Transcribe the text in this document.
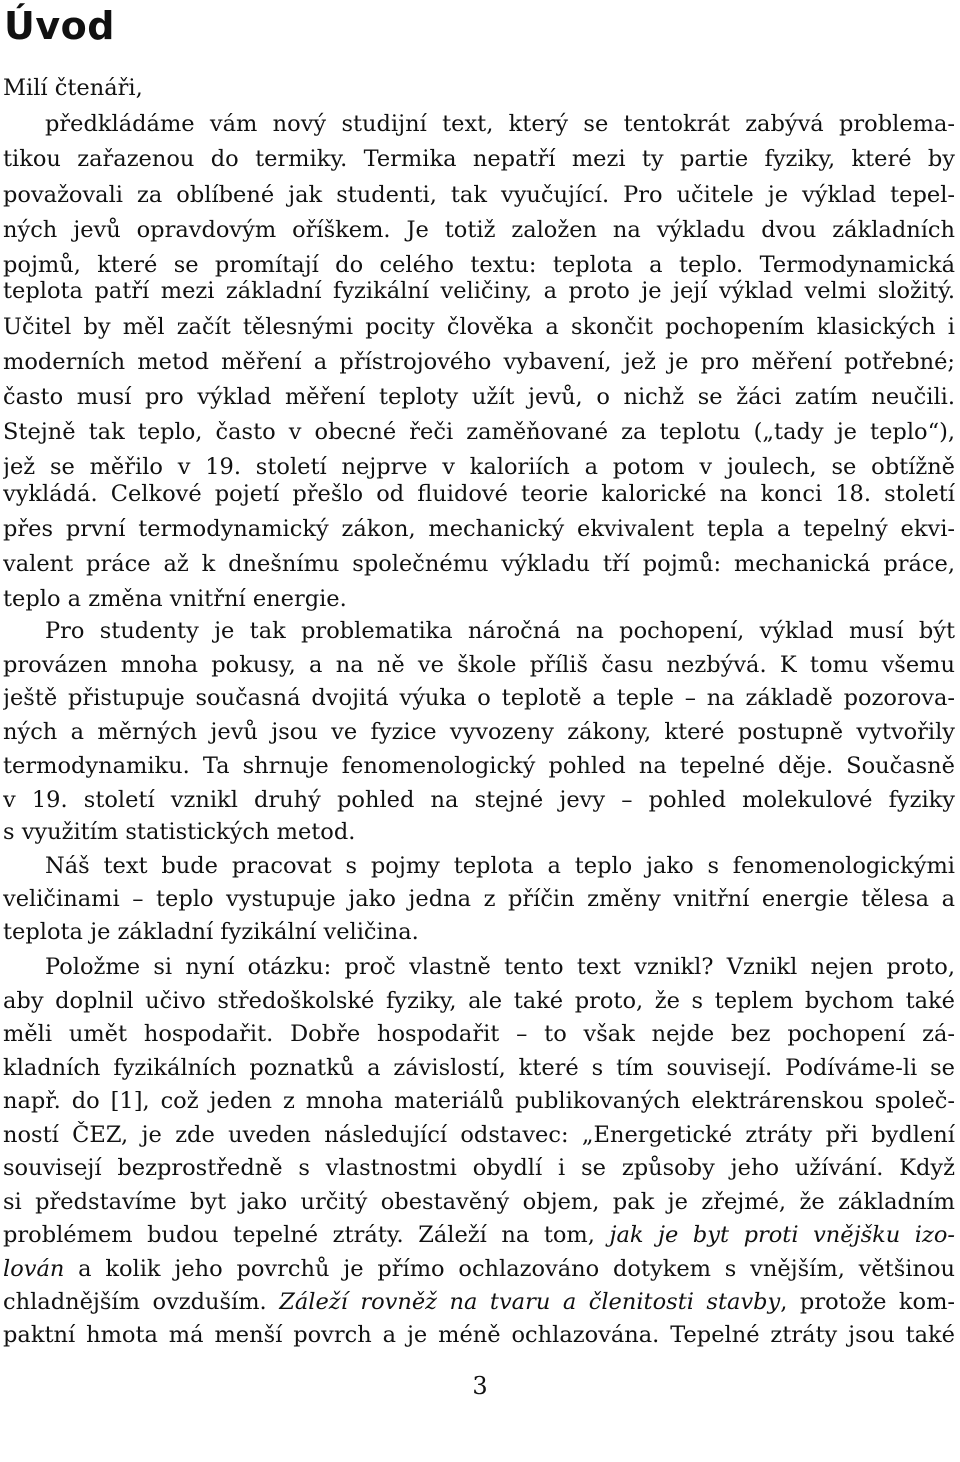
Úvod

Milí čtenáři,

předkládáme vám nový studijní text, který se tentokrát zabývá problema-

tikou zařazenou do termiky. Termika nepatří mezi ty partie fyziky, které by

považovali za oblíbené jak studenti, tak vyučující. Pro učitele je výklad tepel-

ných jevů opravdovým oříškem. Je totiž založen na výkladu dvou základních

pojmů, které se promítají do celého textu: teplota a teplo. Termodynamická

teplota patří mezi základní fyzikální veličiny, a proto je její výklad velmi složitý.

Učitel by měl začít tělesnými pocity člověka a skončit pochopením klasických i

moderních metod měření a přístrojového vybavení, jež je pro měření potřebné;

často musí pro výklad měření teploty užít jevů, o nichž se žáci zatím neučili.

Stejně tak teplo, často v obecné řeči zaměňované za teplotu („tady je teplo“),

jež se měřilo v 19. století nejprve v kaloriích a potom v joulech, se obtížně

vykládá. Celkové pojetí přešlo od fluidové teorie kalorické na konci 18. století

přes první termodynamický zákon, mechanický ekvivalent tepla a tepelný ekvi-

valent práce až k dnešnímu společnému výkladu tří pojmů: mechanická práce,

teplo a změna vnitřní energie.

Pro studenty je tak problematika náročná na pochopení, výklad musí být

provázen mnoha pokusy, a na ně ve škole příliš času nezbývá. K tomu všemu

ještě přistupuje současná dvojitá výuka o teplotě a teple – na základě pozorova-

ných a měrných jevů jsou ve fyzice vyvozeny zákony, které postupně vytvořily

termodynamiku. Ta shrnuje fenomenologický pohled na tepelné děje. Současně

v 19. století vznikl druhý pohled na stejné jevy – pohled molekulové fyziky

s využitím statistických metod.

Náš text bude pracovat s pojmy teplota a teplo jako s fenomenologickými

veličinami – teplo vystupuje jako jedna z příčin změny vnitřní energie tělesa a

teplota je základní fyzikální veličina.

Položme si nyní otázku: proč vlastně tento text vznikl? Vznikl nejen proto,

aby doplnil učivo středoškolské fyziky, ale také proto, že s teplem bychom také

měli umět hospodařit. Dobře hospodařit – to však nejde bez pochopení zá-

kladních fyzikálních poznatků a závislostí, které s tím souvisejí. Podíváme-li se

např. do [1], což jeden z mnoha materiálů publikovaných elektrárenskou společ-

ností ČEZ, je zde uveden následující odstavec: „Energetické ztráty při bydlení

souvisejí bezprostředně s vlastnostmi obydlí i se způsoby jeho užívání. Když

si představíme byt jako určitý obestavěný objem, pak je zřejmé, že základním

problémem budou tepelné ztráty. Záleží na tom, jak je byt proti vnějšku izo-

lován a kolik jeho povrchů je přímo ochlazováno dotykem s vnějším, většinou

chladnějším ovzduším. Záleží rovněž na tvaru a členitosti stavby, protože kom-

paktní hmota má menší povrch a je méně ochlazována. Tepelné ztráty jsou také

3
